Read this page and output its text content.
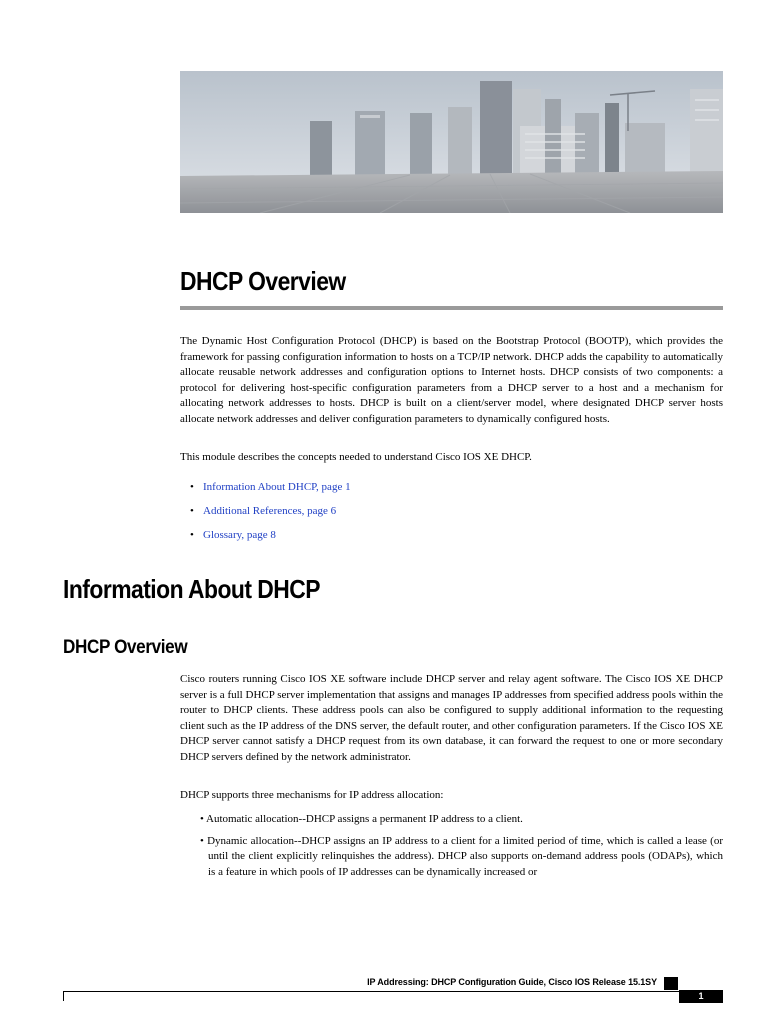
DHCP Overview

The Dynamic Host Configuration Protocol (DHCP) is based on the Bootstrap Protocol (BOOTP), which provides the framework for passing configuration information to hosts on a TCP/IP network. DHCP adds the capability to automatically allocate reusable network addresses and configuration options to Internet hosts. DHCP consists of two components: a protocol for delivering host-specific configuration parameters from a DHCP server to a host and a mechanism for allocating network addresses to hosts. DHCP is built on a client/server model, where designated DHCP server hosts allocate network addresses and deliver configuration parameters to dynamically configured hosts.

This module describes the concepts needed to understand Cisco IOS XE DHCP.

• Information About DHCP, page 1
• Additional References, page 6
• Glossary, page 8
Information About DHCP
DHCP Overview

Cisco routers running Cisco IOS XE software include DHCP server and relay agent software. The Cisco IOS XE DHCP server is a full DHCP server implementation that assigns and manages IP addresses from specified address pools within the router to DHCP clients. These address pools can also be configured to supply additional information to the requesting client such as the IP address of the DNS server, the default router, and other configuration parameters. If the Cisco IOS XE DHCP server cannot satisfy a DHCP request from its own database, it can forward the request to one or more secondary DHCP servers defined by the network administrator.

DHCP supports three mechanisms for IP address allocation:

• Automatic allocation--DHCP assigns a permanent IP address to a client.
• Dynamic allocation--DHCP assigns an IP address to a client for a limited period of time, which is called a lease (or until the client explicitly relinquishes the address). DHCP also supports on-demand address pools (ODAPs), which is a feature in which pools of IP addresses can be dynamically increased or
IP Addressing: DHCP Configuration Guide, Cisco IOS Release 15.1SY
1
